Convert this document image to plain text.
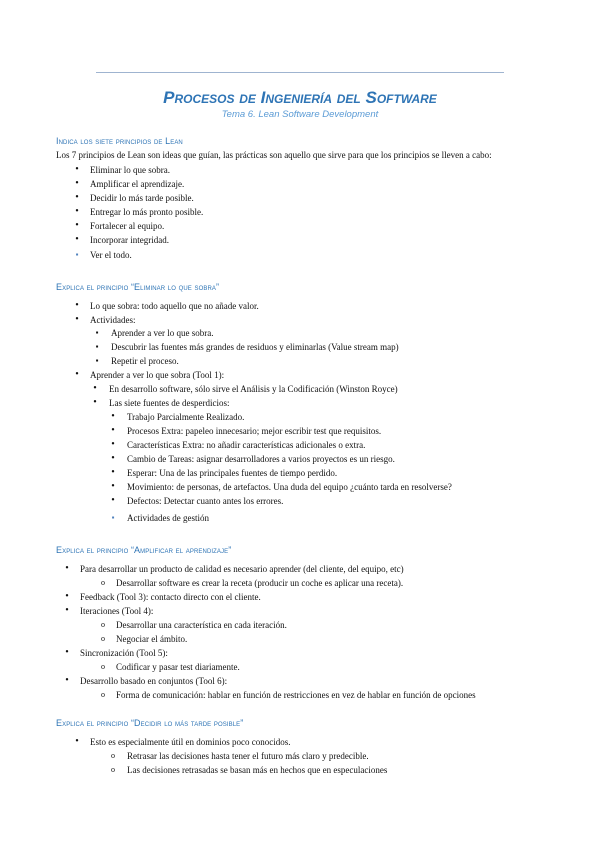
Procesos de Ingeniería del Software
Tema 6. Lean Software Development
Indica los siete principios de Lean
Los 7 principios de Lean son ideas que guían, las prácticas son aquello que sirve para que los principios se lleven a cabo:
•	Eliminar lo que sobra.
•	Amplificar el aprendizaje.
•	Decidir lo más tarde posible.
•	Entregar lo más pronto posible.
•	Fortalecer al equipo.
•	Incorporar integridad.
▪	Ver el todo.
Explica el principio “Eliminar lo que sobra”
•	Lo que sobra: todo aquello que no añade valor.
•	Actividades:
▪	Aprender a ver lo que sobra.
▪	Descubrir las fuentes más grandes de residuos y eliminarlas (Value stream map)
▪	Repetir el proceso.
•	Aprender a ver lo que sobra (Tool 1):
•	En desarrollo software, sólo sirve el Análisis y la Codificación (Winston Royce)
•	Las siete fuentes de desperdicios:
•	Trabajo Parcialmente Realizado.
•	Procesos Extra: papeleo innecesario; mejor escribir test que requisitos.
•	Características Extra: no añadir características adicionales o extra.
•	Cambio de Tareas: asignar desarrolladores a varios proyectos es un riesgo.
•	Esperar: Una de las principales fuentes de tiempo perdido.
•	Movimiento: de personas, de artefactos. Una duda del equipo ¿cuánto tarda en resolverse?
•	Defectos: Detectar cuanto antes los errores.
▪	Actividades de gestión
Explica el principio “Amplificar el aprendizaje”
•	Para desarrollar un producto de calidad es necesario aprender (del cliente, del equipo, etc)
o	Desarrollar software es crear la receta (producir un coche es aplicar una receta).
•	Feedback (Tool 3): contacto directo con el cliente.
•	Iteraciones (Tool 4):
o	Desarrollar una característica en cada iteración.
o	Negociar el ámbito.
•	Sincronización (Tool 5):
o	Codificar y pasar test diariamente.
•	Desarrollo basado en conjuntos (Tool 6):
o	Forma de comunicación: hablar en función de restricciones en vez de hablar en función de opciones
Explica el principio “Decidir lo más tarde posible”
•	Esto es especialmente útil en dominios poco conocidos.
o	Retrasar las decisiones hasta tener el futuro más claro y predecible.
o	Las decisiones retrasadas se basan más en hechos que en especulaciones
